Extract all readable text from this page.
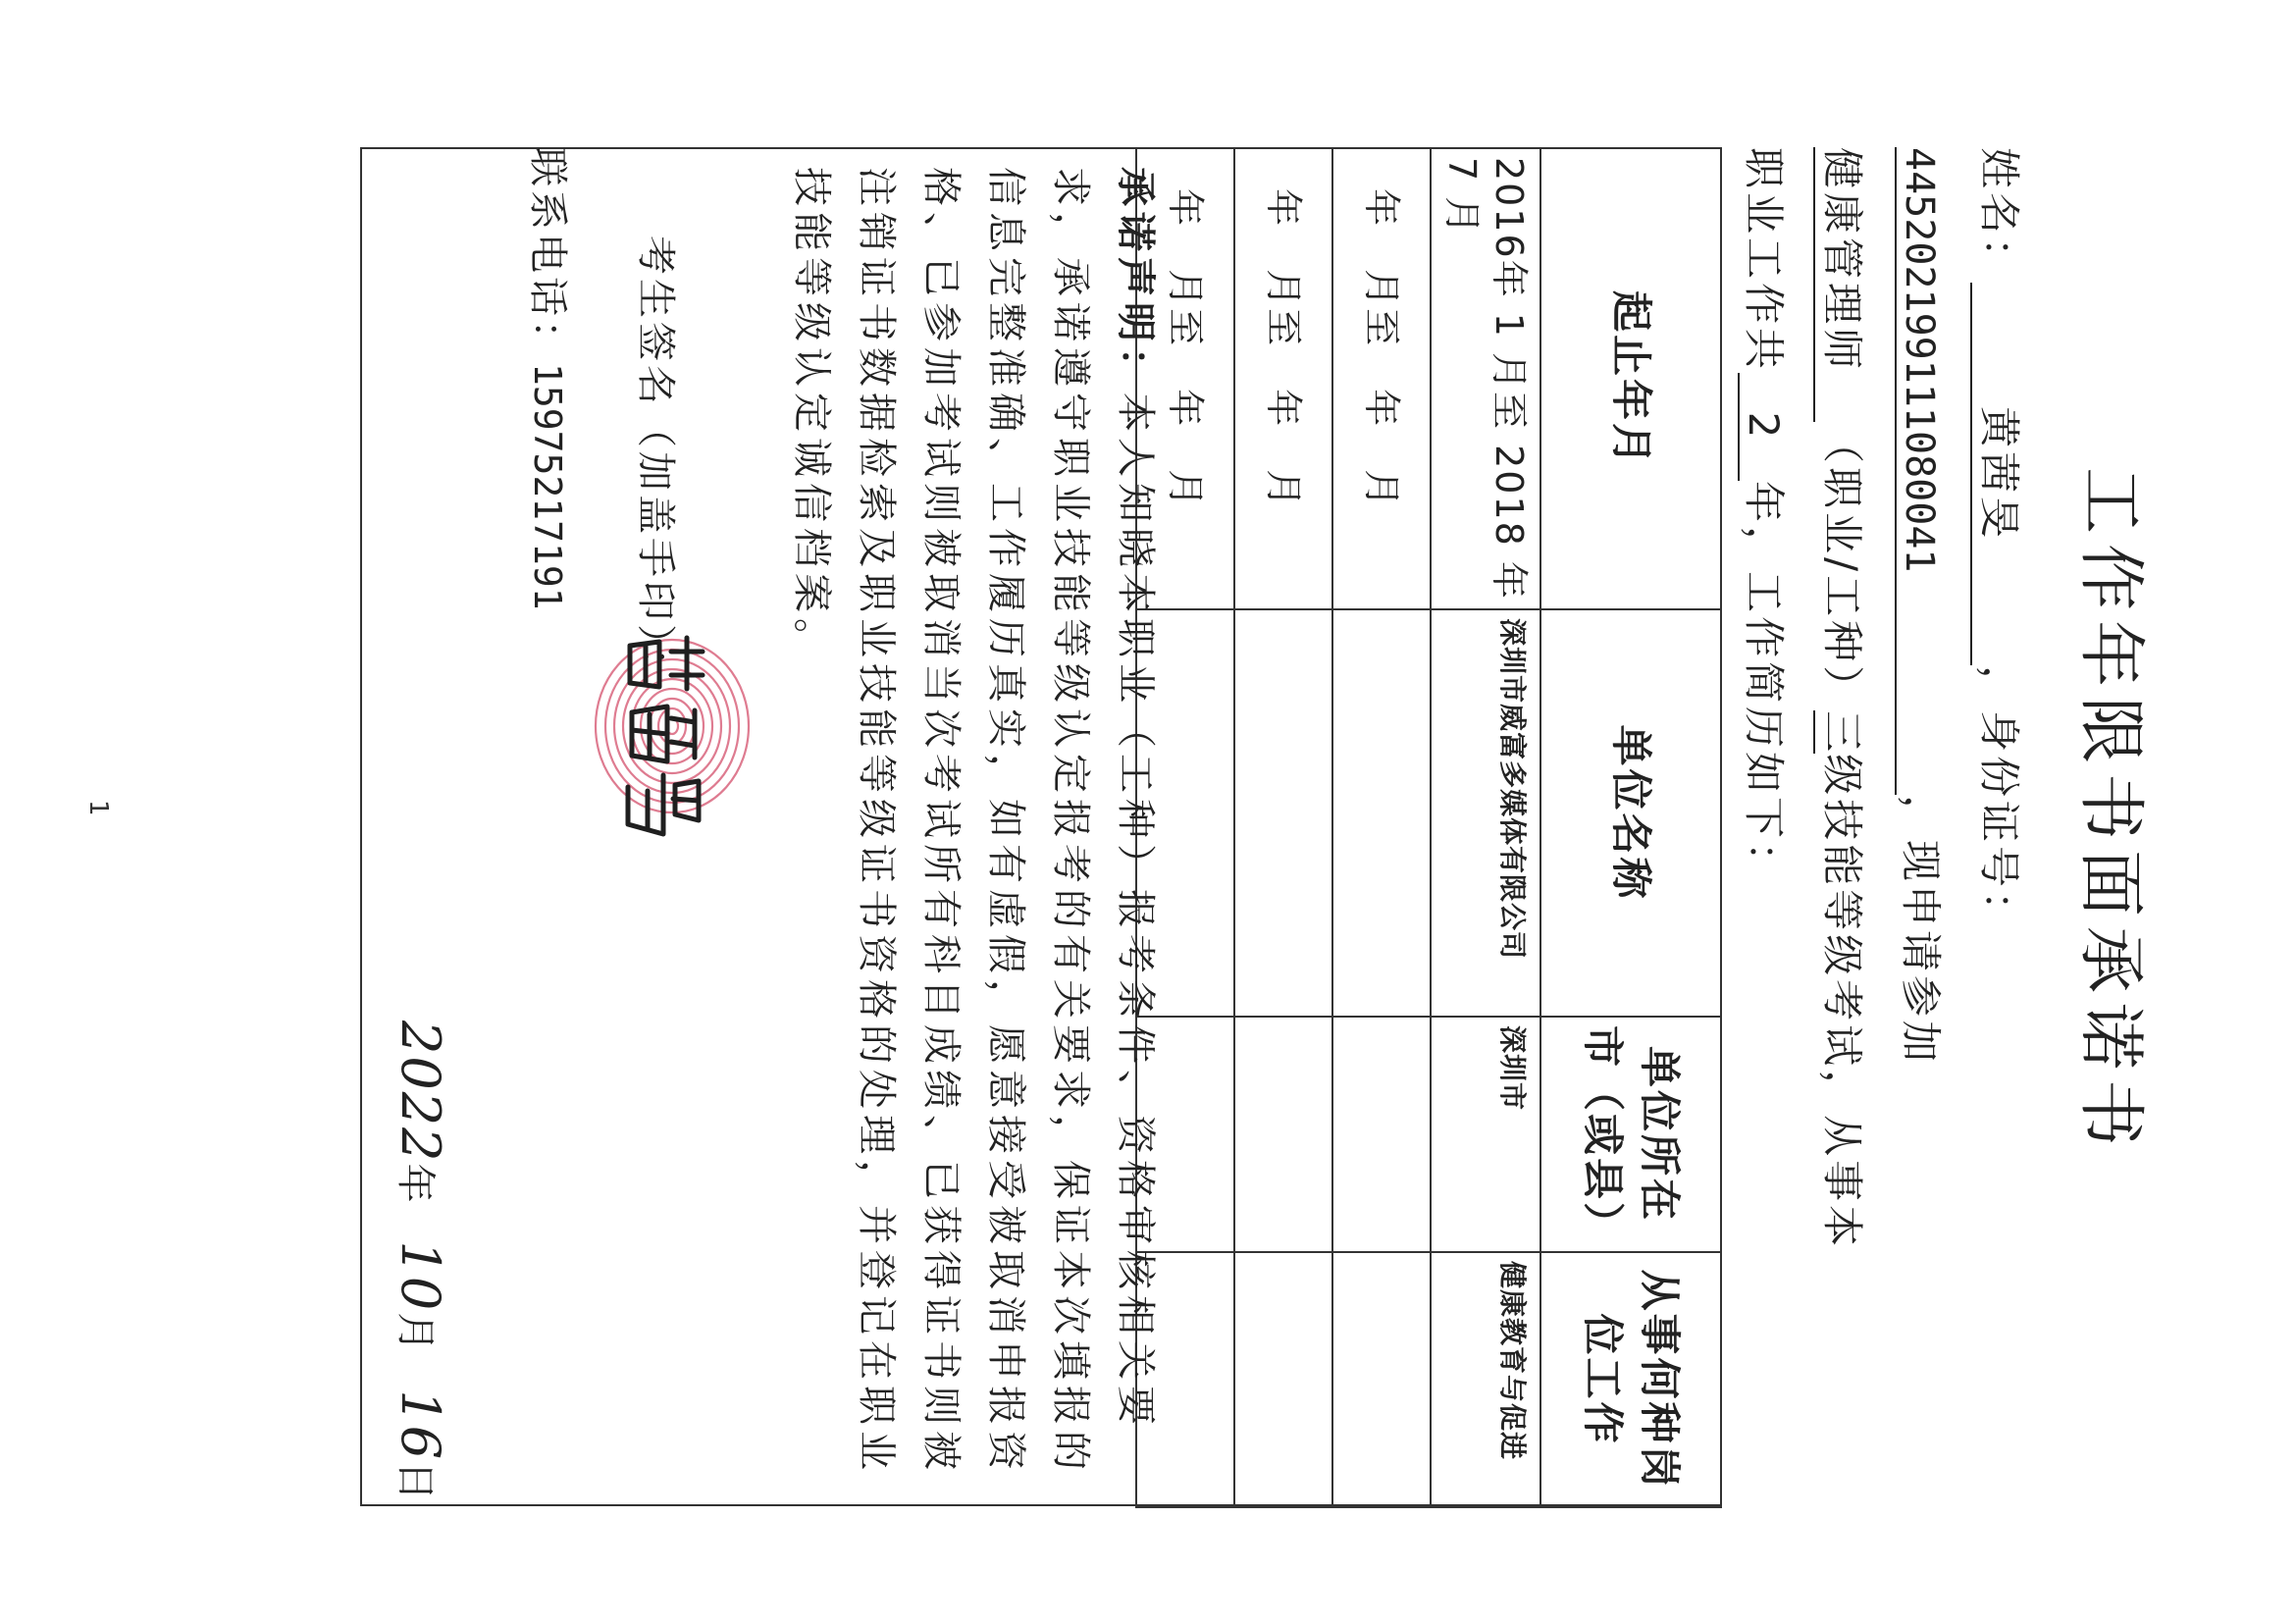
工作年限书面承诺书
姓名：黄茜旻，身份证号：
445202199111080041，现申请参加
健康管理师（职业/工种）三级技能等级考试，从事本
职业工作共2年，工作简历如下：
起止年月	单位名称	单位所在市（或县）	从事何种岗位工作
2016年 1 月至 2018 年 7 月	深圳市威富多媒体有限公司	深圳市	健康教育与促进
年 月至 年 月			
年 月至 年 月			
年 月至 年 月			
承诺声明：本人知晓本职业（工种）报考条件、资格审核相关要求，承诺遵守职业技能等级认定报考的有关要求，保证本次填报的信息完整准确、工作履历真实，如有虚假，愿意接受被取消申报资格、已参加考试则被取消当次考试所有科目成绩、已获得证书则被注销证书数据检索及职业技能等级证书资格的处理，并登记在职业技能等级认定诚信档案。
考生签名（加盖手印）：
联系电话：15975217191
2022年 10月 16日
1
